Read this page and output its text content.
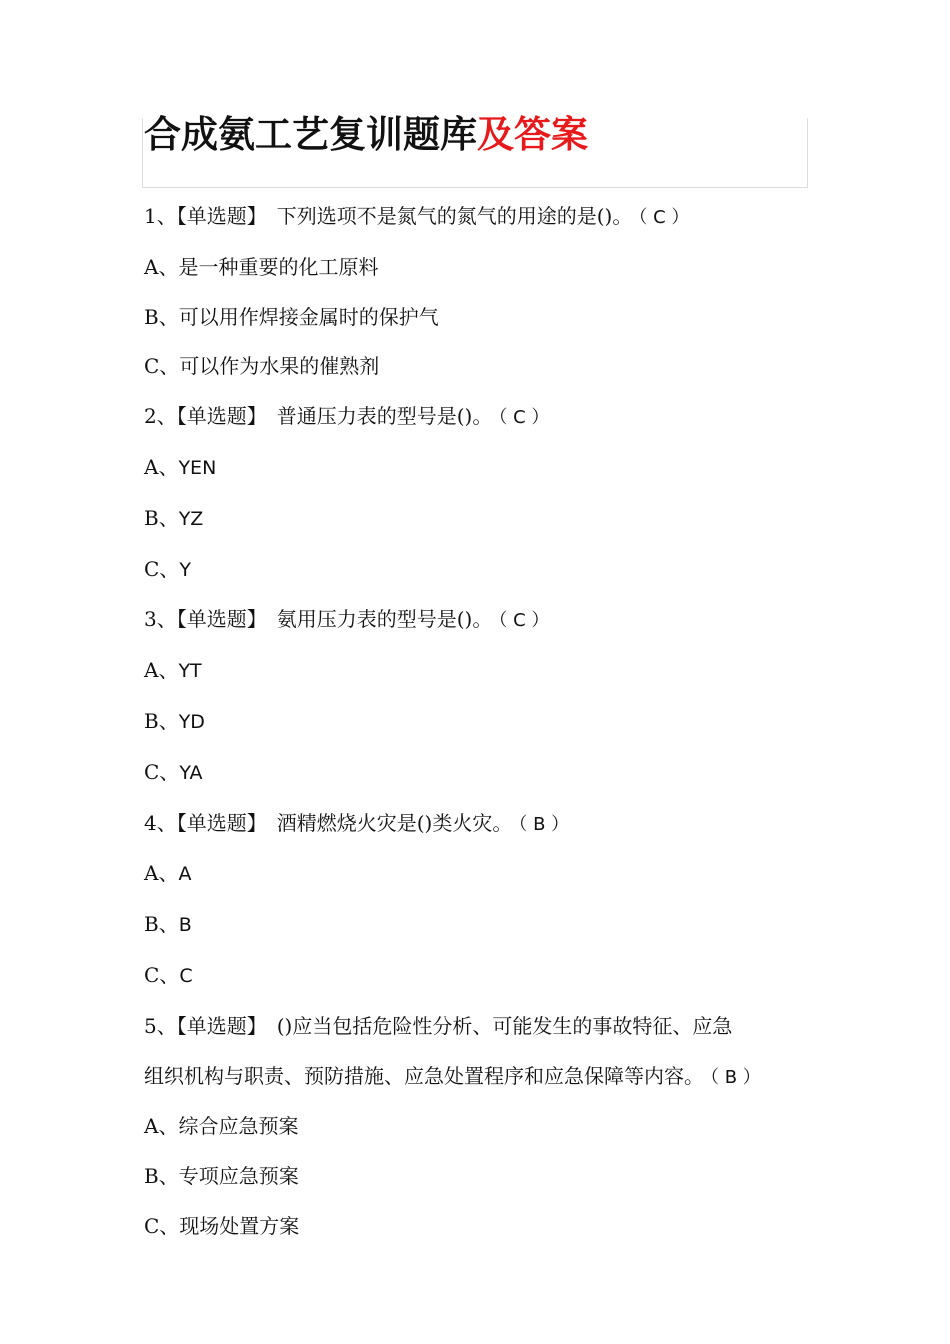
合成氨工艺复训题库及答案
1、【单选题】 下列选项不是氮气的氮气的用途的是()。 （ C ）
A、是一种重要的化工原料
B、可以用作焊接金属时的保护气
C、可以作为水果的催熟剂
2、【单选题】 普通压力表的型号是()。 （ C ）
A、YEN
B、YZ
C、Y
3、【单选题】 氨用压力表的型号是()。 （ C ）
A、YT
B、YD
C、YA
4、【单选题】 酒精燃烧火灾是()类火灾。 （ B ）
A、A
B、B
C、C
5、【单选题】 ()应当包括危险性分析、可能发生的事故特征、应急
组织机构与职责、预防措施、应急处置程序和应急保障等内容。 （ B ）
A、综合应急预案
B、专项应急预案
C、现场处置方案
